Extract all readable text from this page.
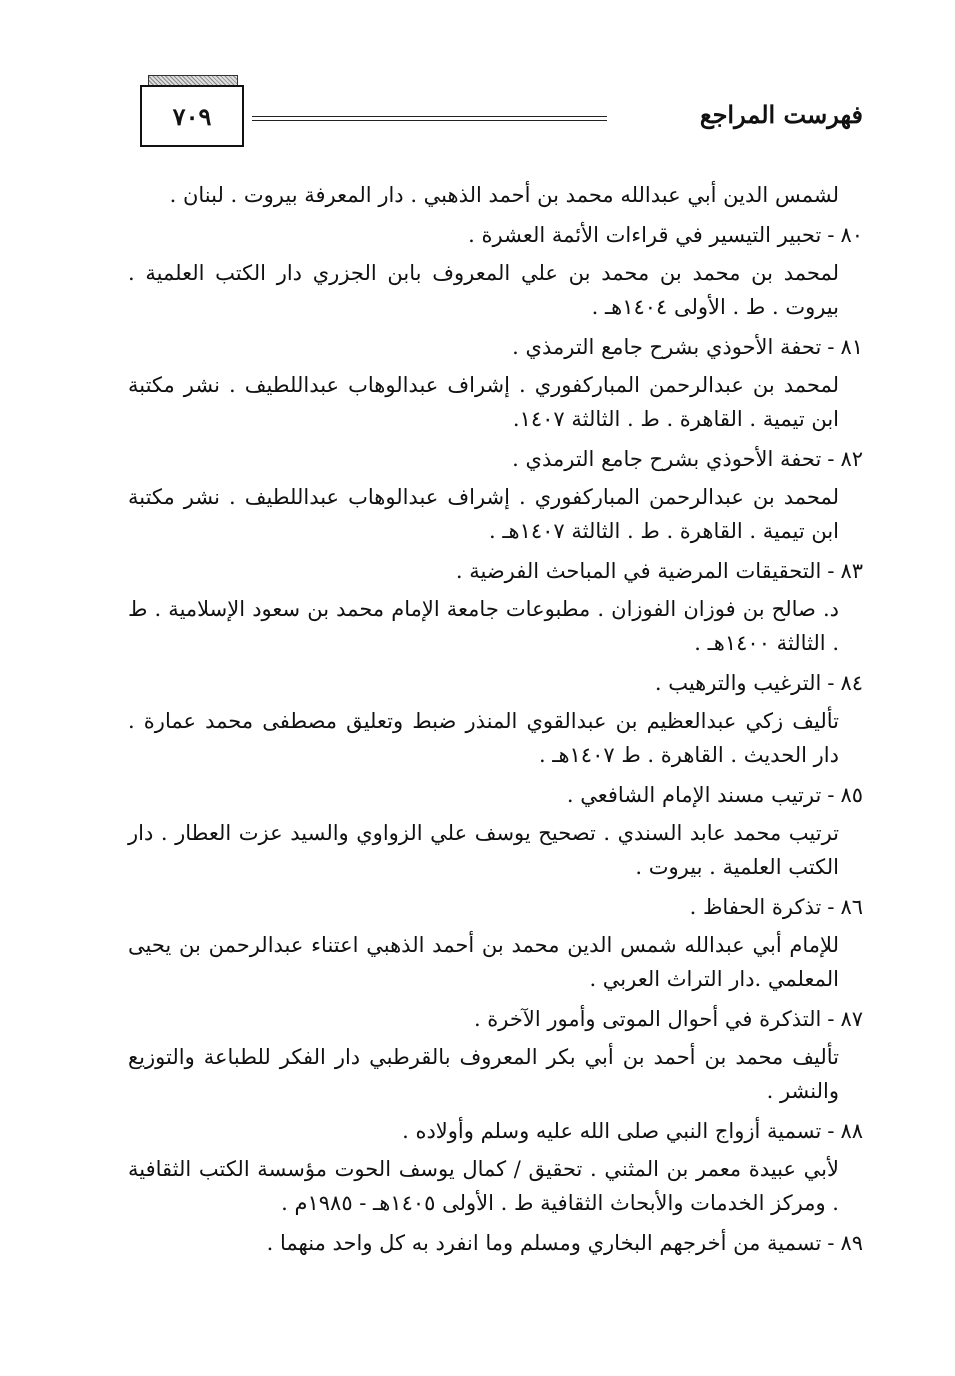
فهرست المراجع
٧٠٩

لشمس الدين أبي عبدالله محمد بن أحمد الذهبي . دار المعرفة بيروت . لبنان .

٨٠-تحبير التيسير في قراءات الأئمة العشرة .

لمحمد بن محمد بن محمد بن علي المعروف بابن الجزري دار الكتب العلمية . بيروت . ط . الأولى ١٤٠٤هـ .

٨١-تحفة الأحوذي بشرح جامع الترمذي .

لمحمد بن عبدالرحمن المباركفوري . إشراف عبدالوهاب عبداللطيف . نشر مكتبة ابن تيمية . القاهرة . ط . الثالثة ١٤٠٧.

٨٢-تحفة الأحوذي بشرح جامع الترمذي .

لمحمد بن عبدالرحمن المباركفوري . إشراف عبدالوهاب عبداللطيف . نشر مكتبة ابن تيمية . القاهرة . ط . الثالثة ١٤٠٧هـ .

٨٣-التحقيقات المرضية في المباحث الفرضية .

د. صالح بن فوزان الفوزان . مطبوعات جامعة الإمام محمد بن سعود الإسلامية . ط . الثالثة ١٤٠٠هـ .

٨٤-الترغيب والترهيب .

تأليف زكي عبدالعظيم بن عبدالقوي المنذر ضبط وتعليق مصطفى محمد عمارة . دار الحديث . القاهرة . ط ١٤٠٧هـ .

٨٥-ترتيب مسند الإمام الشافعي .

ترتيب محمد عابد السندي . تصحيح يوسف علي الزواوي والسيد عزت العطار . دار الكتب العلمية . بيروت .

٨٦-تذكرة الحفاظ .

للإمام أبي عبدالله شمس الدين محمد بن أحمد الذهبي اعتناء عبدالرحمن بن يحيى المعلمي .دار التراث العربي .

٨٧-التذكرة في أحوال الموتى وأمور الآخرة .

تأليف محمد بن أحمد بن أبي بكر المعروف بالقرطبي دار الفكر للطباعة والتوزيع والنشر .

٨٨-تسمية أزواج النبي صلى الله عليه وسلم وأولاده .

لأبي عبيدة معمر بن المثني . تحقيق / كمال يوسف الحوت مؤسسة الكتب الثقافية . ومركز الخدمات والأبحاث الثقافية ط . الأولى ١٤٠٥هـ - ١٩٨٥م .

٨٩-تسمية من أخرجهم البخاري ومسلم وما انفرد به كل واحد منهما .
